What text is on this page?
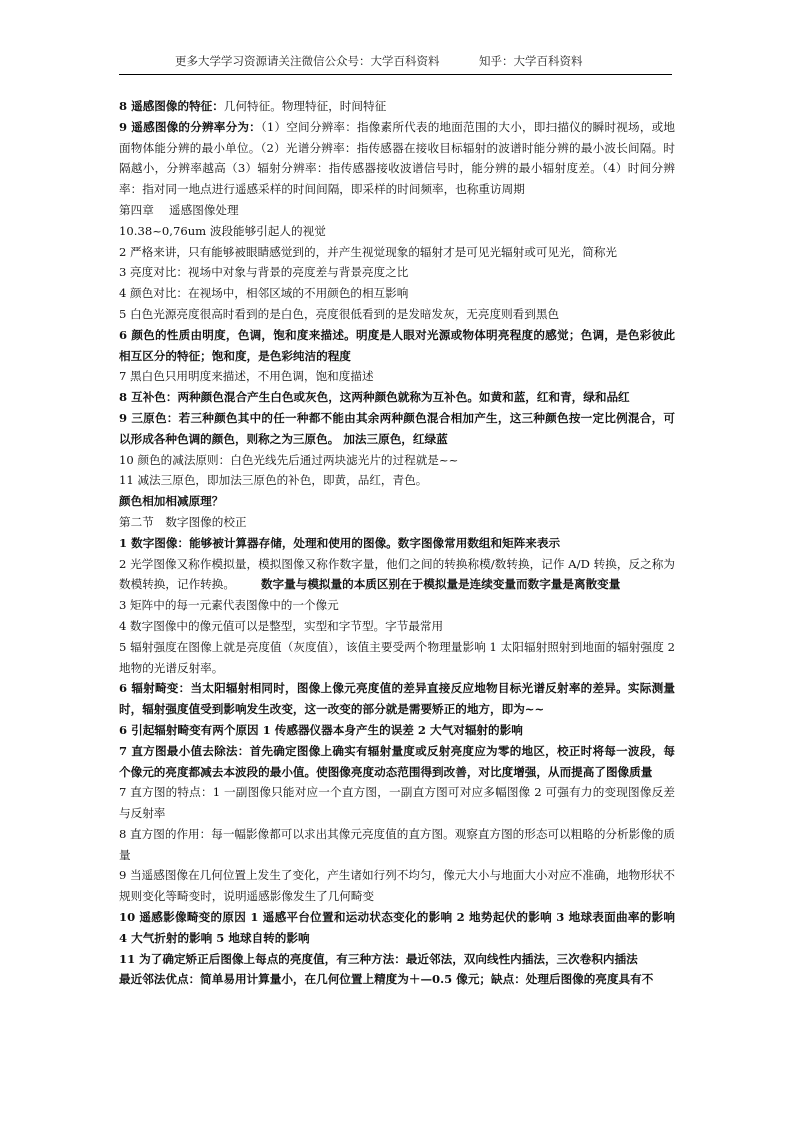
更多大学学习资源请关注微信公众号：大学百科资料	知乎：大学百科资料

8 遥感图像的特征：几何特征。物理特征，时间特征

9 遥感图像的分辨率分为：（1）空间分辨率：指像素所代表的地面范围的大小，即扫描仪的瞬时视场，或地面物体能分辨的最小单位。（2）光谱分辨率：指传感器在接收目标辐射的波谱时能分辨的最小波长间隔。时隔越小，分辨率越高（3）辐射分辨率：指传感器接收波谱信号时，能分辨的最小辐射度差。（4）时间分辨率：指对同一地点进行遥感采样的时间间隔，即采样的时间频率，也称重访周期

第四章　 遥感图像处理

10.38~0,76um 波段能够引起人的视觉

2 严格来讲，只有能够被眼睛感觉到的，并产生视觉现象的辐射才是可见光辐射或可见光，简称光

3 亮度对比：视场中对象与背景的亮度差与背景亮度之比

4 颜色对比：在视场中，相邻区域的不用颜色的相互影响

5 白色光源亮度很高时看到的是白色，亮度很低看到的是发暗发灰，无亮度则看到黑色

6 颜色的性质由明度，色调，饱和度来描述。明度是人眼对光源或物体明亮程度的感觉；色调，是色彩彼此相互区分的特征；饱和度，是色彩纯洁的程度

7 黑白色只用明度来描述，不用色调，饱和度描述

8 互补色：两种颜色混合产生白色或灰色，这两种颜色就称为互补色。如黄和蓝，红和青，绿和品红

9 三原色：若三种颜色其中的任一种都不能由其余两种颜色混合相加产生，这三种颜色按一定比例混合，可以形成各种色调的颜色，则称之为三原色。 加法三原色，红绿蓝

10 颜色的减法原则：白色光线先后通过两块滤光片的过程就是~~

11 减法三原色，即加法三原色的补色，即黄，品红，青色。

颜色相加相减原理？

第二节　数字图像的校正

1 数字图像：能够被计算器存储，处理和使用的图像。数字图像常用数组和矩阵来表示

2 光学图像又称作模拟量，模拟图像又称作数字量，他们之间的转换称模/数转换，记作 A/D 转换，反之称为数模转换，记作转换。 数字量与模拟量的本质区别在于模拟量是连续变量而数字量是离散变量

3 矩阵中的每一元素代表图像中的一个像元

4 数字图像中的像元值可以是整型，实型和字节型。字节最常用

5 辐射强度在图像上就是亮度值（灰度值），该值主要受两个物理量影响 1 太阳辐射照射到地面的辐射强度 2 地物的光谱反射率。

6 辐射畸变：当太阳辐射相同时，图像上像元亮度值的差异直接反应地物目标光谱反射率的差异。实际测量时，辐射强度值受到影响发生改变，这一改变的部分就是需要矫正的地方，即为~~

6 引起辐射畸变有两个原因 1 传感器仪器本身产生的误差 2 大气对辐射的影响

7 直方图最小值去除法：首先确定图像上确实有辐射量度或反射亮度应为零的地区，校正时将每一波段，每个像元的亮度都减去本波段的最小值。使图像亮度动态范围得到改善，对比度增强，从而提高了图像质量

7 直方图的特点：1 一副图像只能对应一个直方图，一副直方图可对应多幅图像 2 可强有力的变现图像反差与反射率

8 直方图的作用：每一幅影像都可以求出其像元亮度值的直方图。观察直方图的形态可以粗略的分析影像的质量

9 当遥感图像在几何位置上发生了变化，产生诸如行列不均匀，像元大小与地面大小对应不准确，地物形状不规则变化等畸变时，说明遥感影像发生了几何畸变

10 遥感影像畸变的原因 1 遥感平台位置和运动状态变化的影响 2 地势起伏的影响 3 地球表面曲率的影响 4 大气折射的影响 5 地球自转的影响

11 为了确定矫正后图像上每点的亮度值，有三种方法：最近邻法，双向线性内插法，三次卷积内插法

最近邻法优点：简单易用计算量小，在几何位置上精度为＋—0.5 像元；缺点：处理后图像的亮度具有不
